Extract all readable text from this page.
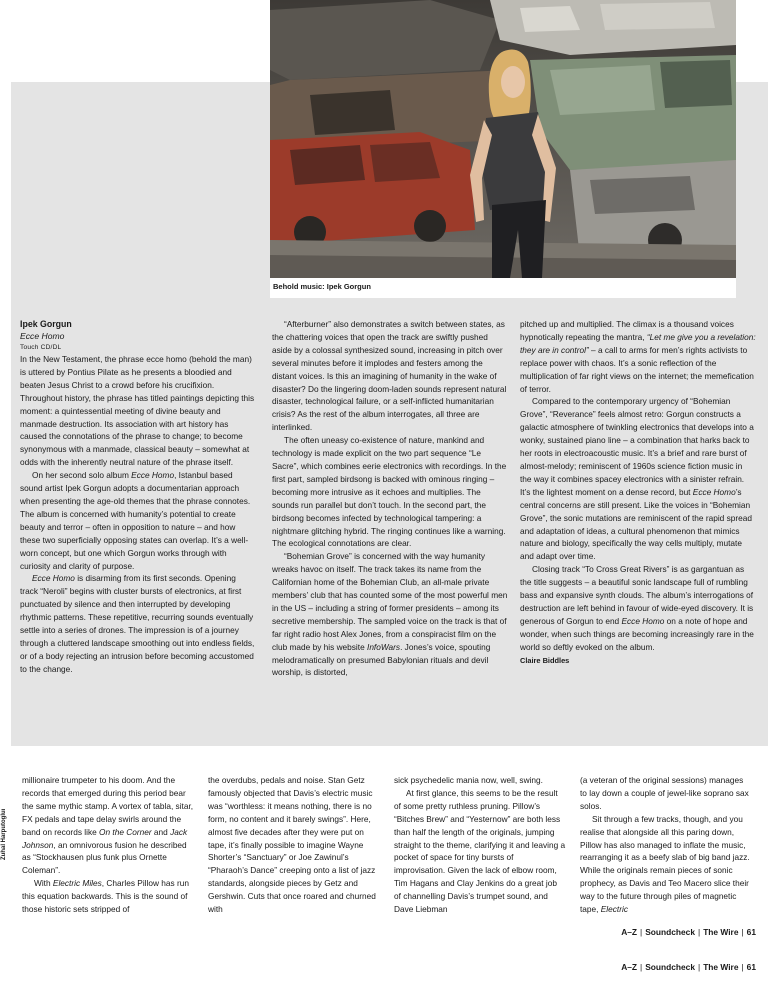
Behold music: Ipek Gorgun
Ipek Gorgun
Ecce Homo
Touch CD/DL

In the New Testament, the phrase ecce homo (behold the man) is uttered by Pontius Pilate as he presents a bloodied and beaten Jesus Christ to a crowd before his crucifixion. Throughout history, the phrase has titled paintings depicting this moment: a quintessential meeting of divine beauty and manmade destruction. Its association with art history has caused the connotations of the phrase to change; to become synonymous with a manmade, classical beauty – somewhat at odds with the inherently neutral nature of the phrase itself.

On her second solo album Ecce Homo, Istanbul based sound artist Ipek Gorgun adopts a documentarian approach when presenting the age-old themes that the phrase connotes. The album is concerned with humanity’s potential to create beauty and terror – often in opposition to nature – and how these two superficially opposing states can overlap. It’s a well-worn concept, but one which Gorgun works through with curiosity and clarity of purpose.

Ecce Homo is disarming from its first seconds. Opening track “Neroli” begins with cluster bursts of electronics, at first punctuated by silence and then interrupted by developing rhythmic patterns. These repetitive, recurring sounds eventually settle into a series of drones. The impression is of a journey through a cluttered landscape smoothing out into endless fields, or of a body rejecting an intrusion before becoming accustomed to the change.

“Afterburner” also demonstrates a switch between states, as the chattering voices that open the track are swiftly pushed aside by a colossal synthesized sound, increasing in pitch over several minutes before it implodes and festers among the distant voices. Is this an imagining of humanity in the wake of disaster? Do the lingering doom-laden sounds represent natural disaster, technological failure, or a self-inflicted humanitarian crisis? As the rest of the album interrogates, all three are interlinked.

The often uneasy co-existence of nature, mankind and technology is made explicit on the two part sequence “Le Sacre”, which combines eerie electronics with recordings. In the first part, sampled birdsong is backed with ominous ringing – becoming more intrusive as it echoes and multiplies. The sounds run parallel but don’t touch. In the second part, the birdsong becomes infected by technological tampering: a nightmare glitching hybrid. The ringing continues like a warning. The ecological connotations are clear.

“Bohemian Grove” is concerned with the way humanity wreaks havoc on itself. The track takes its name from the Californian home of the Bohemian Club, an all-male private members’ club that has counted some of the most powerful men in the US – including a string of former presidents – among its secretive membership. The sampled voice on the track is that of far right radio host Alex Jones, from a conspiracist film on the club made by his website InfoWars. Jones’s voice, spouting melodramatically on presumed Babylonian rituals and devil worship, is distorted,

pitched up and multiplied. The climax is a thousand voices hypnotically repeating the mantra, “Let me give you a revelation: they are in control” – a call to arms for men’s rights activists to replace power with chaos. It’s a sonic reflection of the multiplication of far right views on the internet; the memefication of terror.

Compared to the contemporary urgency of “Bohemian Grove”, “Reverance” feels almost retro: Gorgun constructs a galactic atmosphere of twinkling electronics that develops into a wonky, sustained piano line – a combination that harks back to her roots in electroacoustic music. It’s a brief and rare burst of almost-melody; reminiscent of 1960s science fiction music in the way it combines spacey electronics with a sinister refrain. It’s the lightest moment on a dense record, but Ecce Homo’s central concerns are still present. Like the voices in “Bohemian Grove”, the sonic mutations are reminiscent of the rapid spread and adaptation of ideas, a cultural phenomenon that mimics nature and biology, specifically the way cells multiply, mutate and adapt over time.

Closing track “To Cross Great Rivers” is as gargantuan as the title suggests – a beautiful sonic landscape full of rumbling bass and expansive synth clouds. The album’s interrogations of destruction are left behind in favour of wide-eyed discovery. It is generous of Gorgun to end Ecce Homo on a note of hope and wonder, when such things are becoming increasingly rare in the world so deftly evoked on the album.

Claire Biddles

millionaire trumpeter to his doom. And the records that emerged during this period bear the same mythic stamp. A vortex of tabla, sitar, FX pedals and tape delay swirls around the band on records like On the Corner and Jack Johnson, an omnivorous fusion he described as “Stockhausen plus funk plus Ornette Coleman”.

With Electric Miles, Charles Pillow has run this equation backwards. This is the sound of those historic sets stripped of

the overdubs, pedals and noise. Stan Getz famously objected that Davis’s electric music was “worthless: it means nothing, there is no form, no content and it barely swings”. Here, almost five decades after they were put on tape, it’s finally possible to imagine Wayne Shorter’s “Sanctuary” or Joe Zawinul’s “Pharaoh’s Dance” creeping onto a list of jazz standards, alongside pieces by Getz and Gershwin. Cuts that once roared and churned with

sick psychedelic mania now, well, swing.

At first glance, this seems to be the result of some pretty ruthless pruning. Pillow’s “Bitches Brew” and “Yesternow” are both less than half the length of the originals, jumping straight to the theme, clarifying it and leaving a pocket of space for tiny bursts of improvisation. Given the lack of elbow room, Tim Hagans and Clay Jenkins do a great job of channelling Davis’s trumpet sound, and Dave Liebman

(a veteran of the original sessions) manages to lay down a couple of jewel-like soprano sax solos.

Sit through a few tracks, though, and you realise that alongside all this paring down, Pillow has also managed to inflate the music, rearranging it as a beefy slab of big band jazz. While the originals remain pieces of sonic prophecy, as Davis and Teo Macero slice their way to the future through piles of magnetic tape, Electric

Zuhal Harputogluı
A–Z | Soundcheck | The Wire | 61
A–Z | Soundcheck | The Wire | 61
